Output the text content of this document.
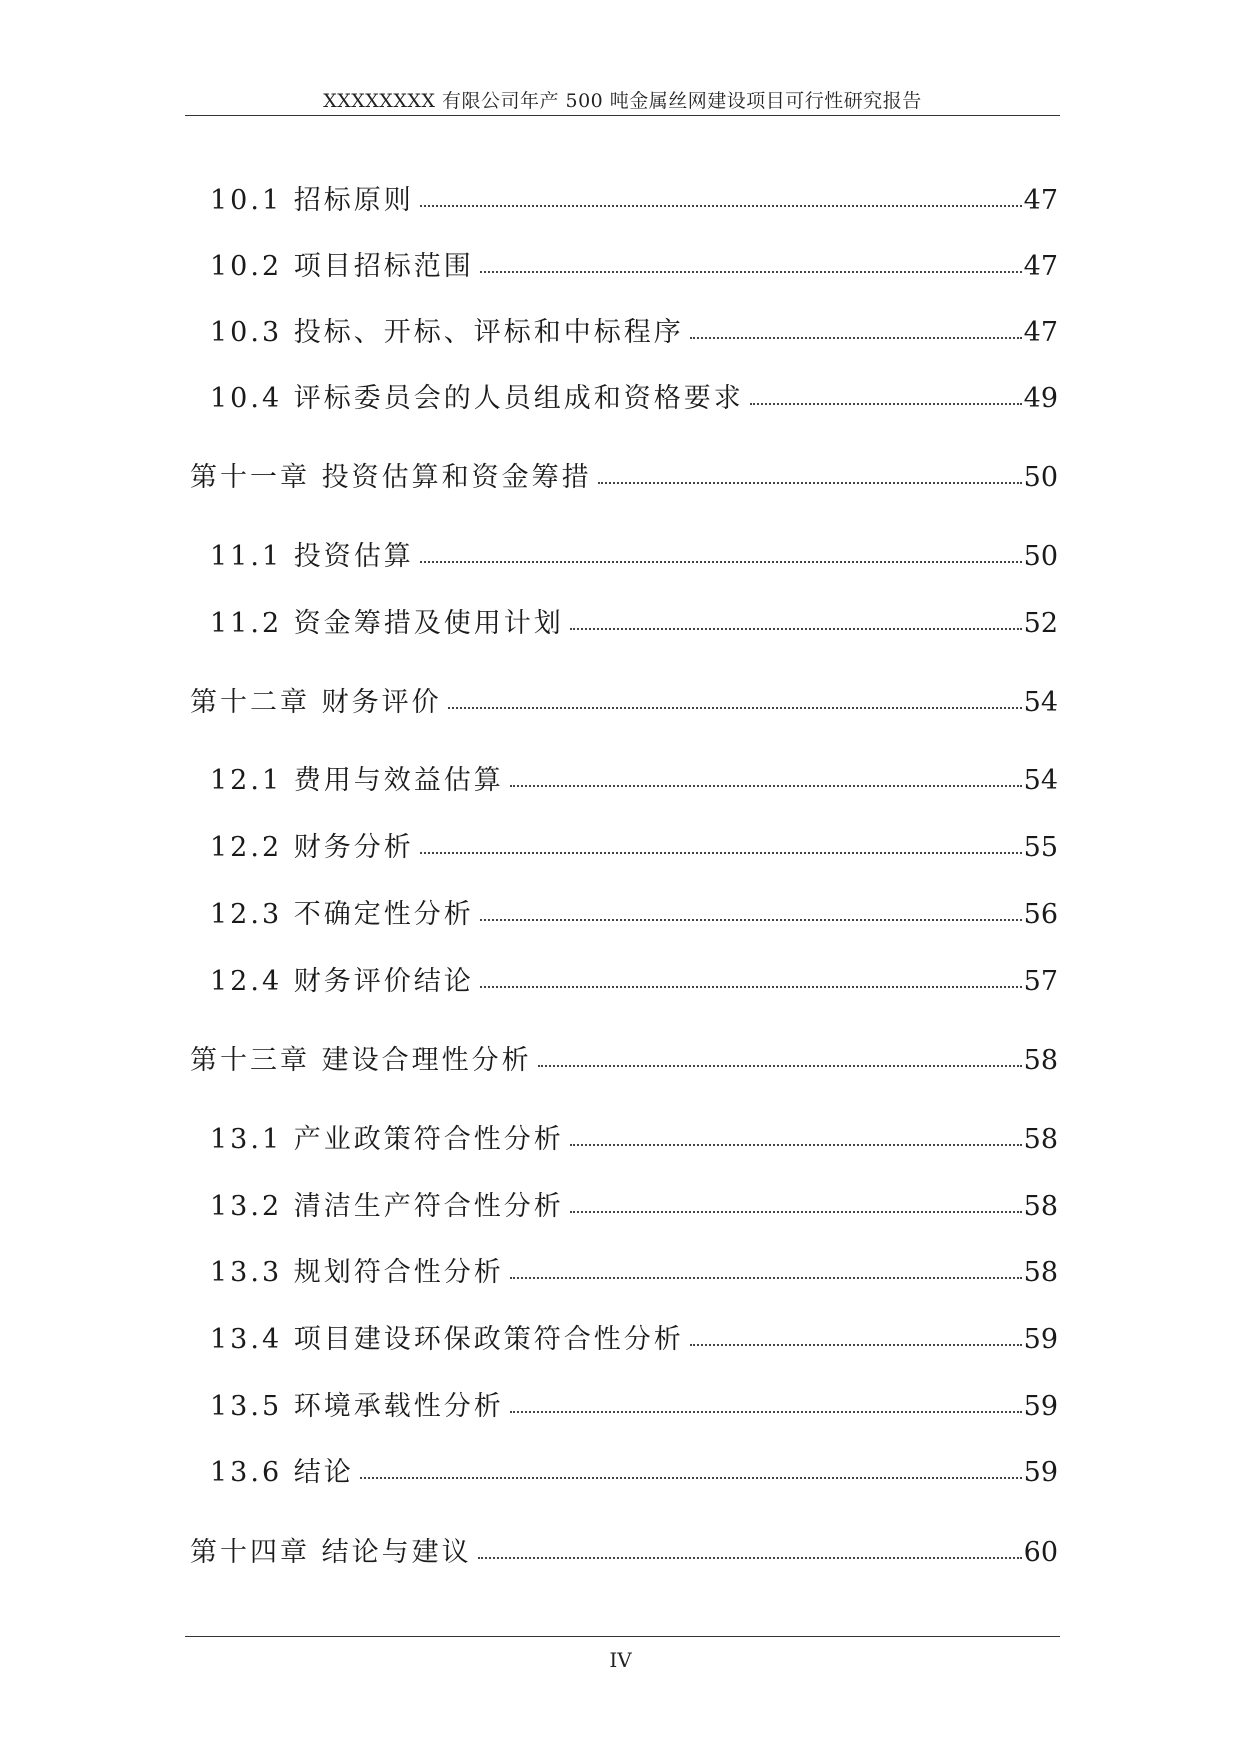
XXXXXXXX 有限公司年产 500 吨金属丝网建设项目可行性研究报告
10.1 招标原则	47
10.2 项目招标范围	47
10.3 投标、开标、评标和中标程序	47
10.4 评标委员会的人员组成和资格要求	49
第十一章 投资估算和资金筹措	50
11.1 投资估算	50
11.2 资金筹措及使用计划	52
第十二章 财务评价	54
12.1 费用与效益估算	54
12.2 财务分析	55
12.3 不确定性分析	56
12.4 财务评价结论	57
第十三章 建设合理性分析	58
13.1 产业政策符合性分析	58
13.2 清洁生产符合性分析	58
13.3 规划符合性分析	58
13.4 项目建设环保政策符合性分析	59
13.5 环境承载性分析	59
13.6 结论	59
第十四章 结论与建议	60
IV
